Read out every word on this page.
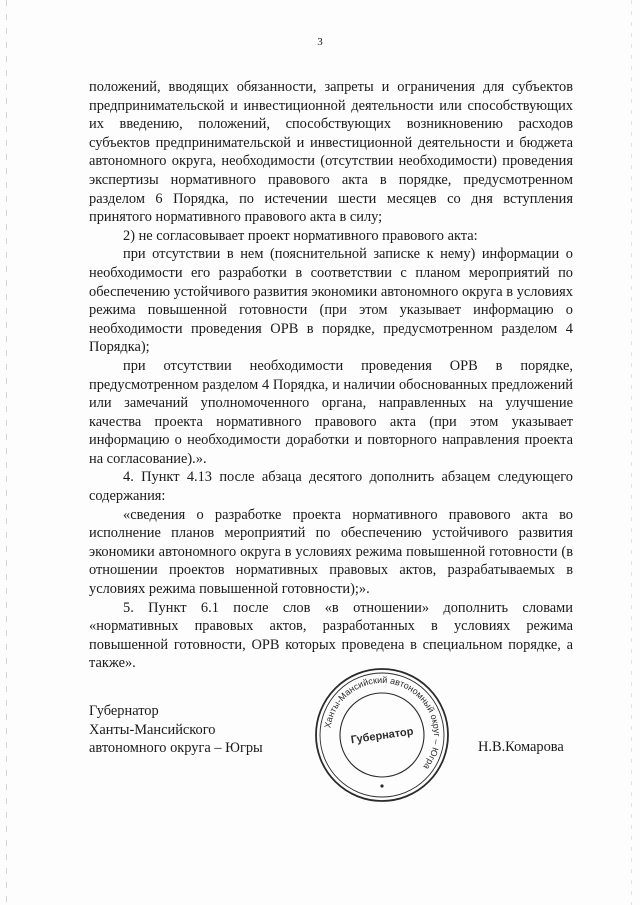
3

положений, вводящих обязанности, запреты и ограничения для субъектов предпринимательской и инвестиционной деятельности или способствующих их введению, положений, способствующих возникновению расходов субъектов предпринимательской и инвестиционной деятельности и бюджета автономного округа, необходимости (отсутствии необходимости) проведения экспертизы нормативного правового акта в порядке, предусмотренном разделом 6 Порядка, по истечении шести месяцев со дня вступления принятого нормативного правового акта в силу;

2) не согласовывает проект нормативного правового акта:

при отсутствии в нем (пояснительной записке к нему) информации о необходимости его разработки в соответствии с планом мероприятий по обеспечению устойчивого развития экономики автономного округа в условиях режима повышенной готовности (при этом указывает информацию о необходимости проведения ОРВ в порядке, предусмотренном разделом 4 Порядка);

при отсутствии необходимости проведения ОРВ в порядке, предусмотренном разделом 4 Порядка, и наличии обоснованных предложений или замечаний уполномоченного органа, направленных на улучшение качества проекта нормативного правового акта (при этом указывает информацию о необходимости доработки и повторного направления проекта на согласование).».

4. Пункт 4.13 после абзаца десятого дополнить абзацем следующего содержания:

«сведения о разработке проекта нормативного правового акта во исполнение планов мероприятий по обеспечению устойчивого развития экономики автономного округа в условиях режима повышенной готовности (в отношении проектов нормативных правовых актов, разрабатываемых в условиях режима повышенной готовности);».

5. Пункт 6.1 после слов «в отношении» дополнить словами «нормативных правовых актов, разработанных в условиях режима повышенной готовности, ОРВ которых проведена в специальном порядке, а также».

Губернатор
Ханты-Мансийского
автономного округа – Югры
Ханты-Мансийский автономный округ – Югра
Губернатор
Н.В.Комарова
